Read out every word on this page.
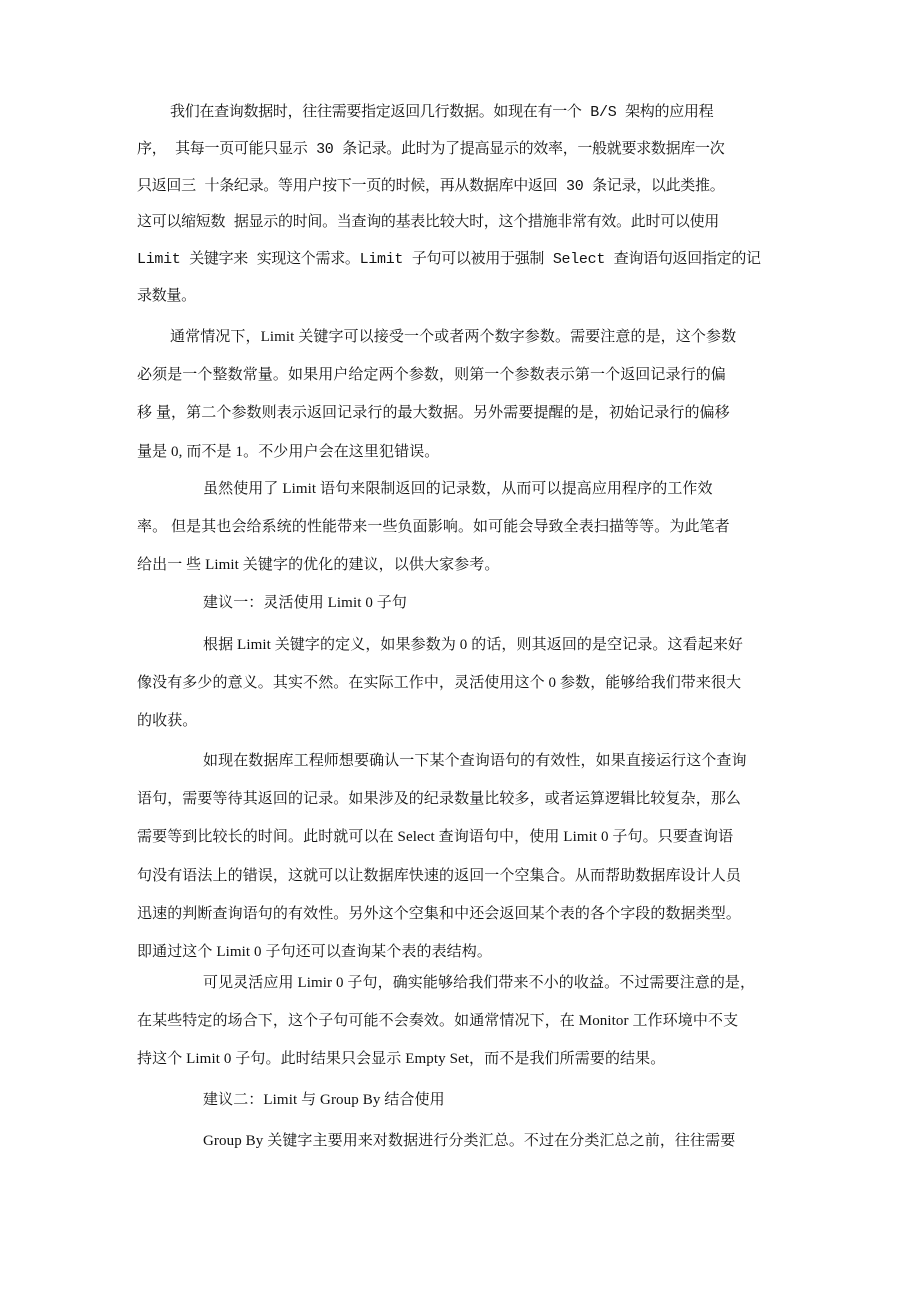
我们在查询数据时，往往需要指定返回几行数据。如现在有一个 B/S 架构的应用程
序， 其每一页可能只显示 30 条记录。此时为了提高显示的效率，一般就要求数据库一次
只返回三 十条纪录。等用户按下一页的时候，再从数据库中返回 30 条记录，以此类推。
这可以缩短数 据显示的时间。当查询的基表比较大时，这个措施非常有效。此时可以使用
Limit 关键字来 实现这个需求。Limit 子句可以被用于强制 Select 查询语句返回指定的记
录数量。
通常情况下，Limit 关键字可以接受一个或者两个数字参数。需要注意的是，这个参数
必须是一个整数常量。如果用户给定两个参数，则第一个参数表示第一个返回记录行的偏
移 量，第二个参数则表示返回记录行的最大数据。另外需要提醒的是，初始记录行的偏移
量是 0, 而不是 1。不少用户会在这里犯错误。
虽然使用了 Limit 语句来限制返回的记录数，从而可以提高应用程序的工作效
率。 但是其也会给系统的性能带来一些负面影响。如可能会导致全表扫描等等。为此笔者
给出一 些 Limit 关键字的优化的建议，以供大家参考。
建议一：灵活使用 Limit 0 子句
根据 Limit 关键字的定义，如果参数为 0 的话，则其返回的是空记录。这看起来好
像没有多少的意义。其实不然。在实际工作中，灵活使用这个 0 参数，能够给我们带来很大
的收获。
如现在数据库工程师想要确认一下某个查询语句的有效性，如果直接运行这个查询
语句，需要等待其返回的记录。如果涉及的纪录数量比较多，或者运算逻辑比较复杂，那么
需要等到比较长的时间。此时就可以在 Select 查询语句中，使用 Limit 0 子句。只要查询语
句没有语法上的错误，这就可以让数据库快速的返回一个空集合。从而帮助数据库设计人员
迅速的判断查询语句的有效性。另外这个空集和中还会返回某个表的各个字段的数据类型。
即通过这个 Limit 0 子句还可以查询某个表的表结构。
可见灵活应用 Limir 0 子句，确实能够给我们带来不小的收益。不过需要注意的是，
在某些特定的场合下，这个子句可能不会奏效。如通常情况下，在 Monitor 工作环境中不支
持这个 Limit 0 子句。此时结果只会显示 Empty Set，而不是我们所需要的结果。
建议二：Limit 与 Group By 结合使用
Group By 关键字主要用来对数据进行分类汇总。不过在分类汇总之前，往往需要
